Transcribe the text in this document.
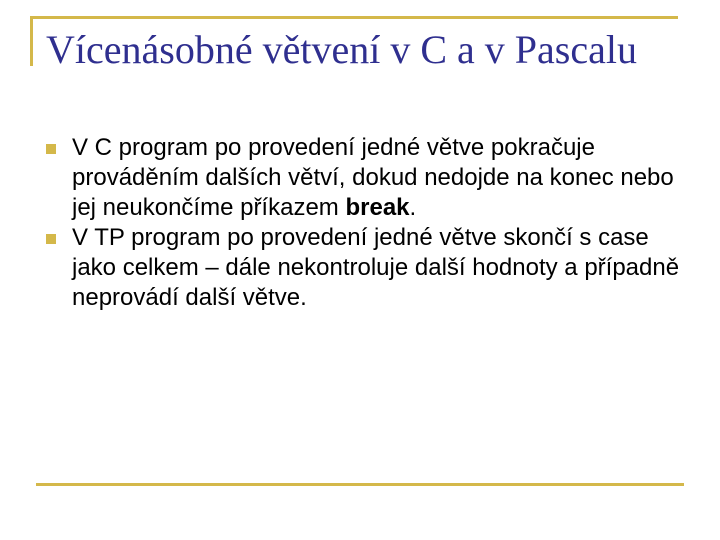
Vícenásobné větvení v C a v Pascalu
V C program po provedení jedné větve pokračuje prováděním dalších větví, dokud nedojde na konec nebo jej neukončíme příkazem break.
V TP program po provedení jedné větve skončí s case jako celkem – dále nekontroluje další hodnoty a případně neprovádí další větve.
